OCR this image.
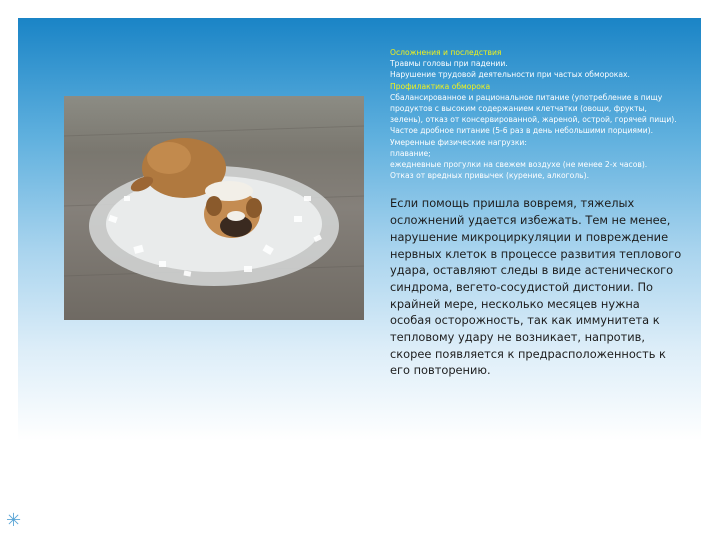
Осложнения и последствия
Травмы головы при падении.
Нарушение трудовой деятельности при частых обмороках.
Профилактика обморока
Сбалансированное и рациональное питание (употребление в пищу продуктов с высоким содержанием клетчатки (овощи, фрукты, зелень), отказ от консервированной, жареной, острой, горячей пищи).
Частое дробное питание (5-6 раз в день небольшими порциями).
Умеренные физические нагрузки:
плавание;
ежедневные прогулки на свежем воздухе (не менее 2-х часов).
Отказ от вредных привычек (курение, алкоголь).
Если помощь пришла вовремя, тяжелых осложнений удается избежать. Тем не менее, нарушение микроциркуляции и повреждение нервных клеток в процессе развития теплового удара, оставляют следы в виде астенического синдрома, вегето-сосудистой дистонии. По крайней мере, несколько месяцев нужна особая осторожность, так как иммунитета к тепловому удару не возникает, напротив, скорее появляется к предрасположенность к его повторению.
✳
